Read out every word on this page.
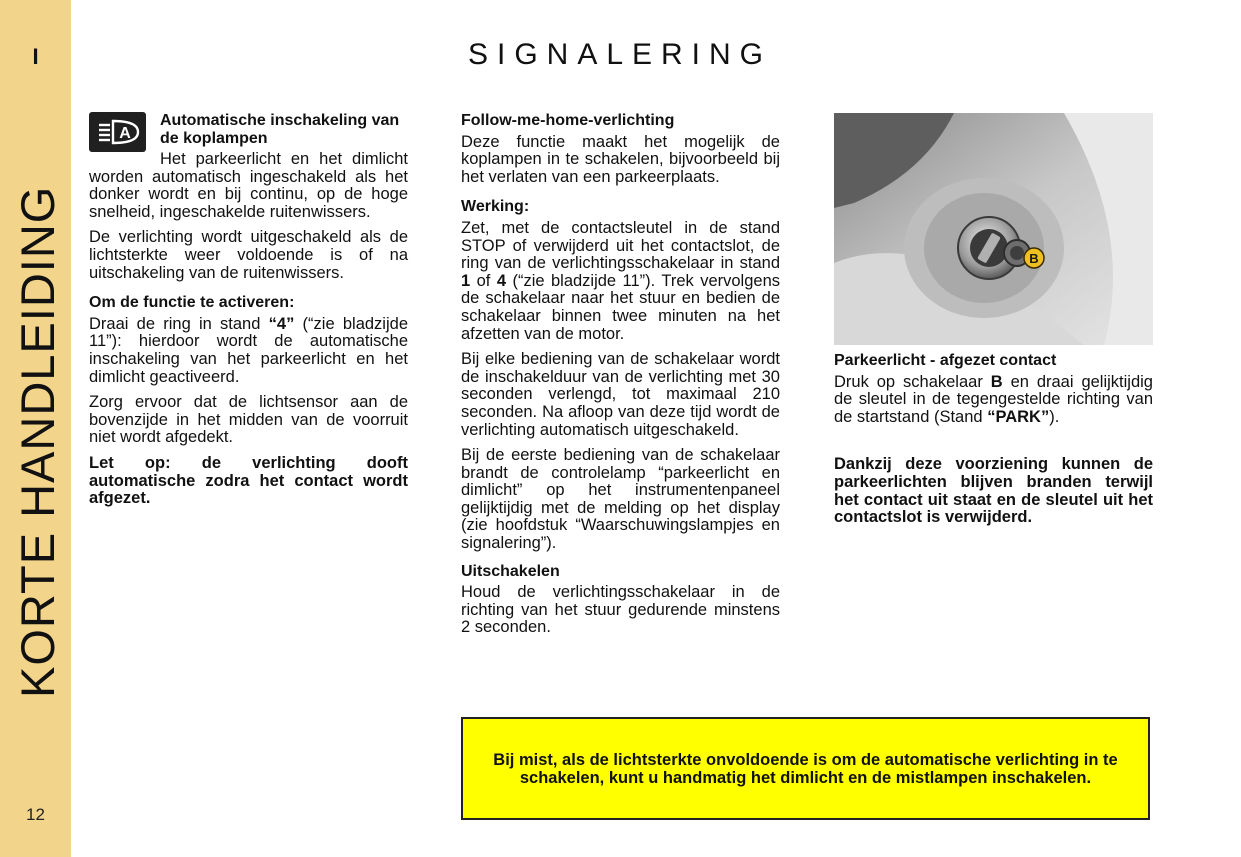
I
KORTE HANDLEIDING
12
SIGNALERING
A
Automatische inschakeling van de koplampen

Het parkeerlicht en het dimlicht worden automatisch ingeschakeld als het donker wordt en bij continu, op de hoge snelheid, ingeschakelde ruitenwissers.

De verlichting wordt uitgeschakeld als de lichtsterkte weer voldoende is of na uitschakeling van de ruitenwissers.

Om de functie te activeren:

Draai de ring in stand “4” (“zie bladzijde 11”): hierdoor wordt de automatische inschakeling van het parkeerlicht en het dimlicht geactiveerd.

Zorg ervoor dat de lichtsensor aan de bovenzijde in het midden van de voorruit niet wordt afgedekt.

Let op: de verlichting dooft automatische zodra het contact wordt afgezet.

Follow-me-home-verlichting

Deze functie maakt het mogelijk de koplampen in te schakelen, bijvoorbeeld bij het verlaten van een parkeerplaats.

Werking:

Zet, met de contactsleutel in de stand STOP of verwijderd uit het contactslot, de ring van de verlichtingsschakelaar in stand 1 of 4 (“zie bladzijde 11”). Trek vervolgens de schakelaar naar het stuur en bedien de schakelaar binnen twee minuten na het afzetten van de motor.

Bij elke bediening van de schakelaar wordt de inschakelduur van de verlichting met 30 seconden verlengd, tot maximaal 210 seconden. Na afloop van deze tijd wordt de verlichting automatisch uitgeschakeld.

Bij de eerste bediening van de schakelaar brandt de controlelamp “parkeerlicht en dimlicht” op het instrumentenpaneel gelijktijdig met de melding op het display (zie hoofdstuk “Waarschuwingslampjes en signalering”).

Uitschakelen

Houd de verlichtingsschakelaar in de richting van het stuur gedurende minstens 2 seconden.

B
Parkeerlicht - afgezet contact

Druk op schakelaar B en draai gelijktijdig de sleutel in de tegengestelde richting van de startstand (Stand “PARK”).

Dankzij deze voorziening kunnen de parkeerlichten blijven branden terwijl het contact uit staat en de sleutel uit het contactslot is verwijderd.

Bij mist, als de lichtsterkte onvoldoende is om de automatische verlichting in te schakelen, kunt u handmatig het dimlicht en de mistlampen inschakelen.
